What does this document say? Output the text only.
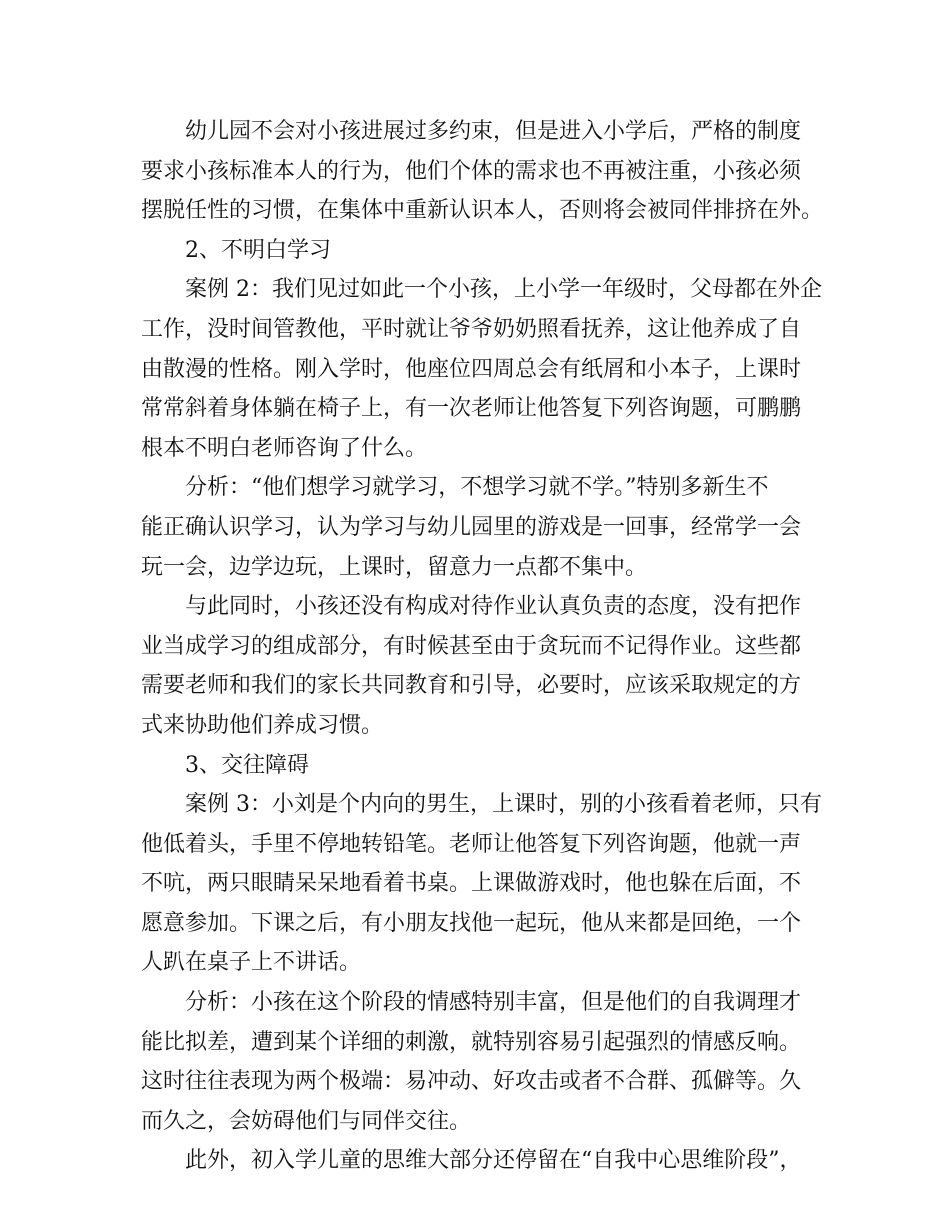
幼儿园不会对小孩进展过多约束，但是进入小学后，严格的制度
要求小孩标准本人的行为，他们个体的需求也不再被注重，小孩必须
摆脱任性的习惯，在集体中重新认识本人，否则将会被同伴排挤在外。
2、不明白学习
案例 2：我们见过如此一个小孩，上小学一年级时，父母都在外企
工作，没时间管教他，平时就让爷爷奶奶照看抚养，这让他养成了自
由散漫的性格。刚入学时，他座位四周总会有纸屑和小本子，上课时
常常斜着身体躺在椅子上，有一次老师让他答复下列咨询题，可鹏鹏
根本不明白老师咨询了什么。
分析：“他们想学习就学习，不想学习就不学。”特别多新生不
能正确认识学习，认为学习与幼儿园里的游戏是一回事，经常学一会
玩一会，边学边玩，上课时，留意力一点都不集中。
与此同时，小孩还没有构成对待作业认真负责的态度，没有把作
业当成学习的组成部分，有时候甚至由于贪玩而不记得作业。这些都
需要老师和我们的家长共同教育和引导，必要时，应该采取规定的方
式来协助他们养成习惯。
3、交往障碍
案例 3：小刘是个内向的男生，上课时，别的小孩看着老师，只有
他低着头，手里不停地转铅笔。老师让他答复下列咨询题，他就一声
不吭，两只眼睛呆呆地看着书桌。上课做游戏时，他也躲在后面，不
愿意参加。下课之后，有小朋友找他一起玩，他从来都是回绝，一个
人趴在桌子上不讲话。
分析：小孩在这个阶段的情感特别丰富，但是他们的自我调理才
能比拟差，遭到某个详细的刺激，就特别容易引起强烈的情感反响。
这时往往表现为两个极端：易冲动、好攻击或者不合群、孤僻等。久
而久之，会妨碍他们与同伴交往。
此外，初入学儿童的思维大部分还停留在“自我中心思维阶段”，
